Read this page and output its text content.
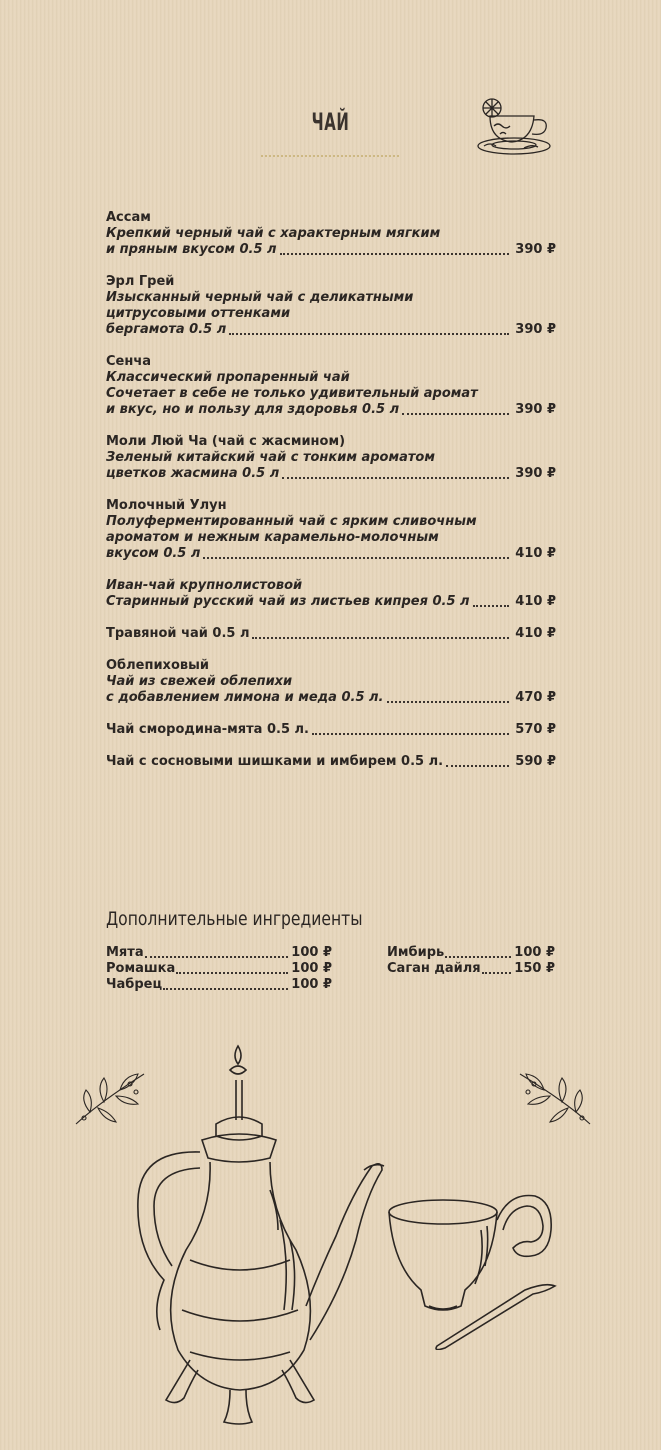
ЧАЙ
Ассам
Крепкий черный чай с характерным мягким
и пряным вкусом 0.5 л	390 ₽
Эрл Грей
Изысканный черный чай с деликатными
цитрусовыми оттенками
бергамота 0.5 л	390 ₽
Сенча
Классический пропаренный чай
Сочетает в себе не только удивительный аромат
и вкус, но и пользу для здоровья 0.5 л	390 ₽
Моли Люй Ча (чай с жасмином)
Зеленый китайский чай с тонким ароматом
цветков жасмина 0.5 л	390 ₽
Молочный Улун
Полуферментированный чай с ярким сливочным
ароматом и нежным карамельно-молочным
вкусом 0.5 л	410 ₽
Иван-чай крупнолистовой
Старинный русский чай из листьев кипрея 0.5 л	410 ₽
Травяной чай 0.5 л	410 ₽
Облепиховый
Чай из свежей облепихи
с добавлением лимона и меда 0.5 л.	470 ₽
Чай смородина-мята 0.5 л.	570 ₽
Чай с сосновыми шишками и имбирем 0.5 л.	590 ₽
Дополнительные ингредиенты
Мята	100 ₽
Ромашка	100 ₽
Чабрец	100 ₽
Имбирь	100 ₽
Саган дайля	150 ₽
